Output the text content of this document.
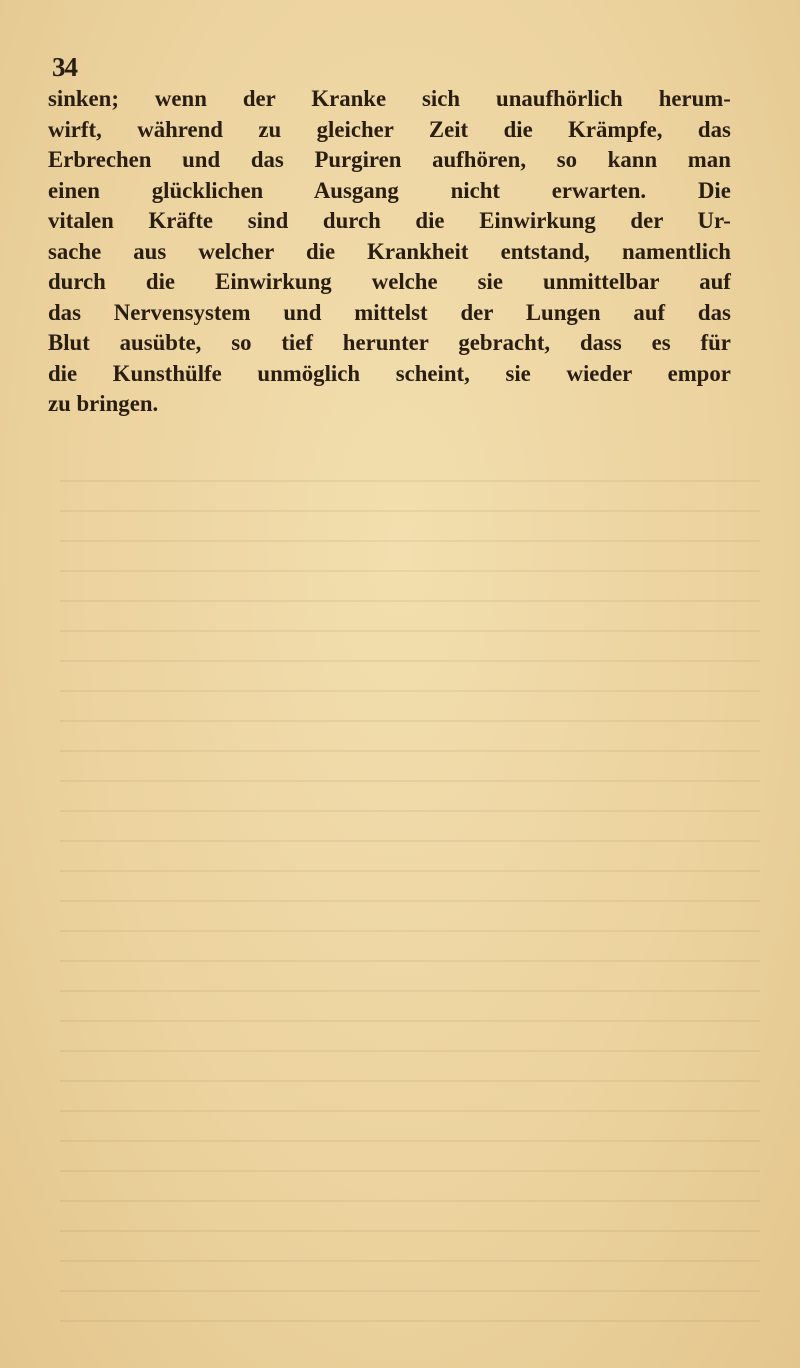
34
sinken; wenn der Kranke sich unaufhörlich herum-
wirft, während zu gleicher Zeit die Krämpfe, das
Erbrechen und das Purgiren aufhören, so kann man
einen glücklichen Ausgang nicht erwarten. Die
vitalen Kräfte sind durch die Einwirkung der Ur-
sache aus welcher die Krankheit entstand, namentlich
durch die Einwirkung welche sie unmittelbar auf
das Nervensystem und mittelst der Lungen auf das
Blut ausübte, so tief herunter gebracht, dass es für
die Kunsthülfe unmöglich scheint, sie wieder empor
zu bringen.
